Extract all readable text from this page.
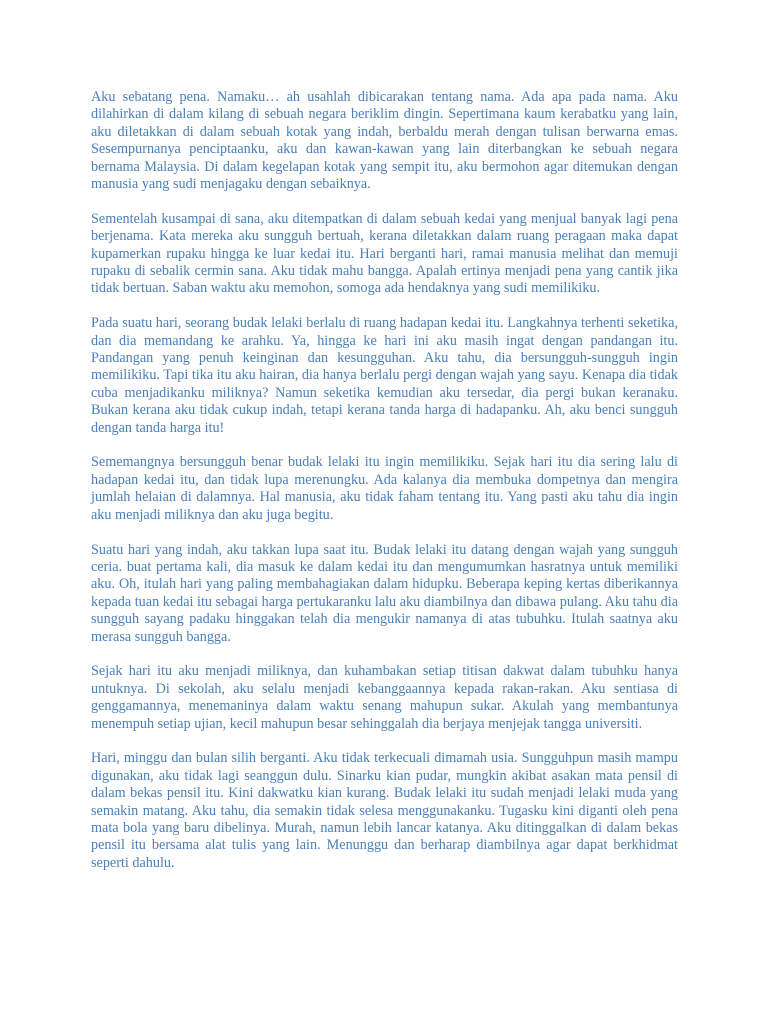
Aku sebatang pena. Namaku… ah usahlah dibicarakan tentang nama. Ada apa pada nama. Aku dilahirkan di dalam kilang di sebuah negara beriklim dingin. Sepertimana kaum kerabatku yang lain, aku diletakkan di dalam sebuah kotak yang indah, berbaldu merah dengan tulisan berwarna emas. Sesempurnanya penciptaanku, aku dan kawan-kawan yang lain diterbangkan ke sebuah negara bernama Malaysia. Di dalam kegelapan kotak yang sempit itu, aku bermohon agar ditemukan dengan manusia yang sudi menjagaku dengan sebaiknya.

Sementelah kusampai di sana, aku ditempatkan di dalam sebuah kedai yang menjual banyak lagi pena berjenama. Kata mereka aku sungguh bertuah, kerana diletakkan dalam ruang peragaan maka dapat kupamerkan rupaku hingga ke luar kedai itu. Hari berganti hari, ramai manusia melihat dan memuji rupaku di sebalik cermin sana. Aku tidak mahu bangga. Apalah ertinya menjadi pena yang cantik jika tidak bertuan. Saban waktu aku memohon, somoga ada hendaknya yang sudi memilikiku.

Pada suatu hari, seorang budak lelaki berlalu di ruang hadapan kedai itu. Langkahnya terhenti seketika, dan dia memandang ke arahku. Ya, hingga ke hari ini aku masih ingat dengan pandangan itu. Pandangan yang penuh keinginan dan kesungguhan. Aku tahu, dia bersungguh-sungguh ingin memilikiku. Tapi tika itu aku hairan, dia hanya berlalu pergi dengan wajah yang sayu. Kenapa dia tidak cuba menjadikanku miliknya? Namun seketika kemudian aku tersedar, dia pergi bukan keranaku. Bukan kerana aku tidak cukup indah, tetapi kerana tanda harga di hadapanku. Ah, aku benci sungguh dengan tanda harga itu!

Sememangnya bersungguh benar budak lelaki itu ingin memilikiku. Sejak hari itu dia sering lalu di hadapan kedai itu, dan tidak lupa merenungku. Ada kalanya dia membuka dompetnya dan mengira jumlah helaian di dalamnya. Hal manusia, aku tidak faham tentang itu. Yang pasti aku tahu dia ingin aku menjadi miliknya dan aku juga begitu.

Suatu hari yang indah, aku takkan lupa saat itu. Budak lelaki itu datang dengan wajah yang sungguh ceria. buat pertama kali, dia masuk ke dalam kedai itu dan mengumumkan hasratnya untuk memiliki aku. Oh, itulah hari yang paling membahagiakan dalam hidupku. Beberapa keping kertas diberikannya kepada tuan kedai itu sebagai harga pertukaranku lalu aku diambilnya dan dibawa pulang. Aku tahu dia sungguh sayang padaku hinggakan telah dia mengukir namanya di atas tubuhku. Itulah saatnya aku merasa sungguh bangga.

Sejak hari itu aku menjadi miliknya, dan kuhambakan setiap titisan dakwat dalam tubuhku hanya untuknya. Di sekolah, aku selalu menjadi kebanggaannya kepada rakan-rakan. Aku sentiasa di genggamannya, menemaninya dalam waktu senang mahupun sukar. Akulah yang membantunya menempuh setiap ujian, kecil mahupun besar sehinggalah dia berjaya menjejak tangga universiti.

Hari, minggu dan bulan silih berganti. Aku tidak terkecuali dimamah usia. Sungguhpun masih mampu digunakan, aku tidak lagi seanggun dulu. Sinarku kian pudar, mungkin akibat asakan mata pensil di dalam bekas pensil itu. Kini dakwatku kian kurang. Budak lelaki itu sudah menjadi lelaki muda yang semakin matang. Aku tahu, dia semakin tidak selesa menggunakanku. Tugasku kini diganti oleh pena mata bola yang baru dibelinya. Murah, namun lebih lancar katanya. Aku ditinggalkan di dalam bekas pensil itu bersama alat tulis yang lain. Menunggu dan berharap diambilnya agar dapat berkhidmat seperti dahulu.
